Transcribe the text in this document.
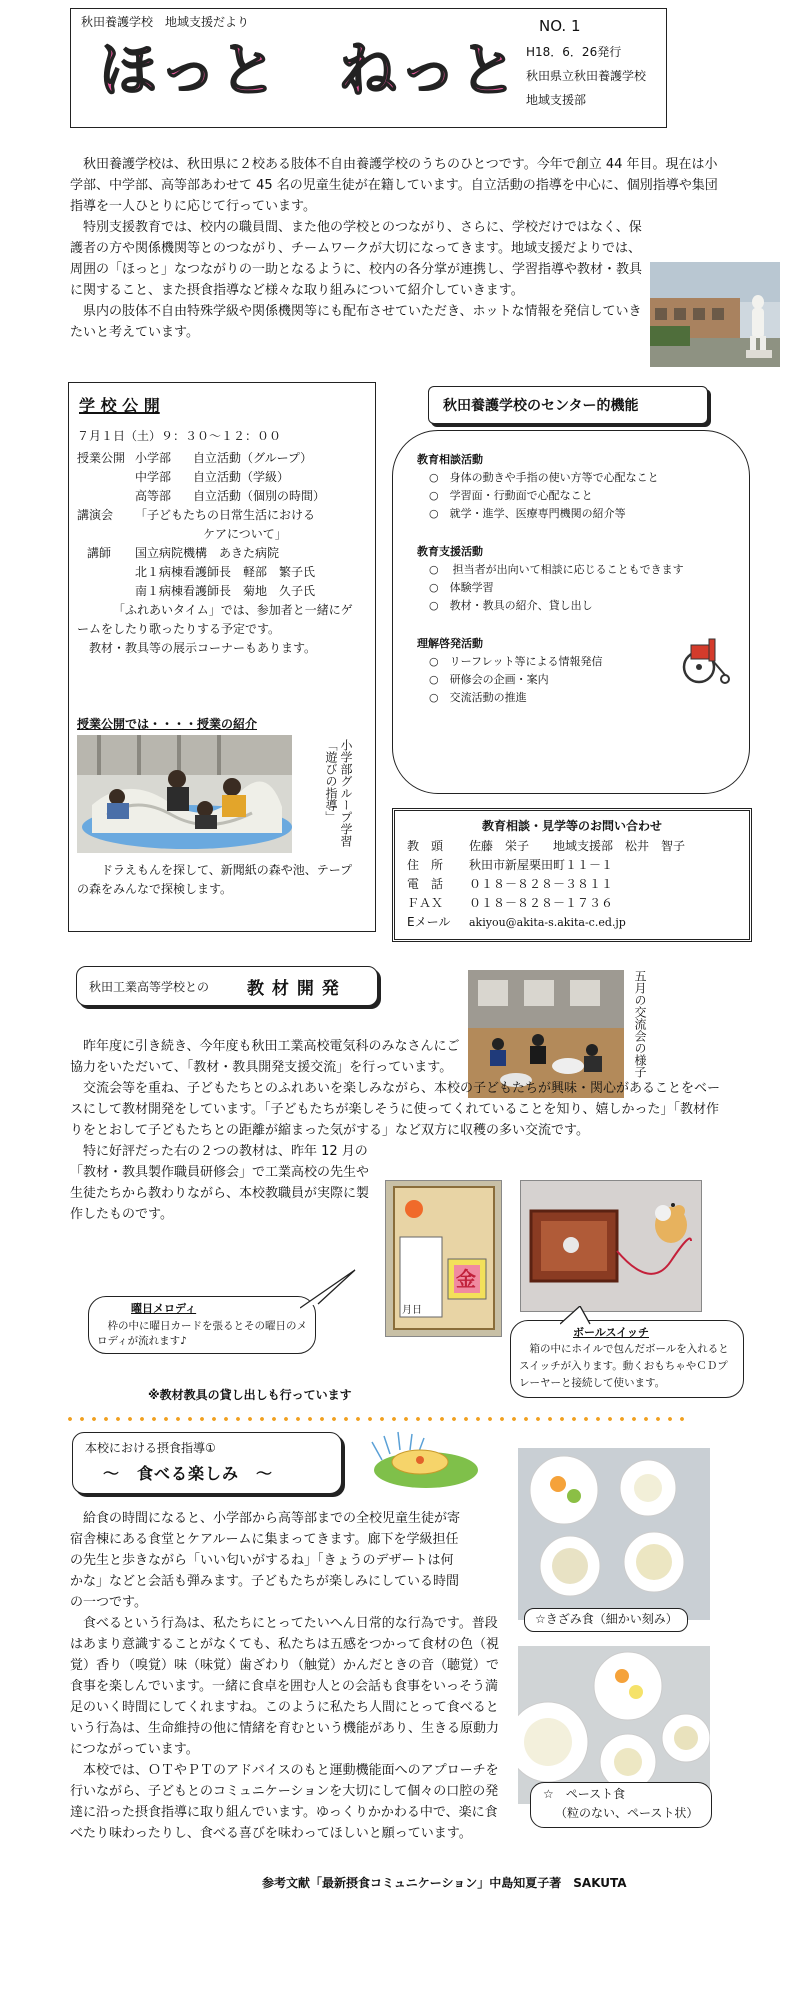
秋田養護学校　地域支援だより
ほっと　ねっと
NO. 1
H18．6．26発行
秋田県立秋田養護学校
地域支援部

秋田養護学校は、秋田県に２校ある肢体不自由養護学校のうちのひとつです。今年で創立 44 年目。現在は小学部、中学部、高等部あわせて 45 名の児童生徒が在籍しています。自立活動の指導を中心に、個別指導や集団指導を一人ひとりに応じて行っています。

特別支援教育では、校内の職員間、また他の学校とのつながり、さらに、学校だけではなく、保護者の方や関係機関等とのつながり、チームワークが大切になってきます。地域支援だよりでは、周囲の「ほっと」なつながりの一助となるように、校内の各分掌が連携し、学習指導や教材・教具に関すること、また摂食指導など様々な取り組みについて紹介していきます。

県内の肢体不自由特殊学級や関係機関等にも配布させていただき、ホットな情報を発信していきたいと考えています。

学 校 公 開
７月１日（土）９：３０～１２：００
授業公開 小学部 自立活動（グループ）
中学部 自立活動（学級）
高等部 自立活動（個別の時間）
講演会 「子どもたちの日常生活における
ケアについて」
講師 国立病院機構　あきた病院
北１病棟看護師長　軽部　繁子氏
南１病棟看護師長　菊地　久子氏

「ふれあいタイム」では、参加者と一緒にゲームをしたり歌ったりする予定です。

教材・教具等の展示コーナーもあります。

授業公開では・・・・授業の紹介
小学部グループ学習「遊びの指導」
ドラえもんを探して、新聞紙の森や池、テープの森をみんなで探検します。
秋田養護学校のセンター的機能
教育相談活動
○　 身体の動きや手指の使い方等で心配なこと
○　 学習面・行動面で心配なこと
○　 就学・進学、医療専門機関の紹介等
教育支援活動
○ 担当者が出向いて相談に応じることもできます
○　 体験学習
○　 教材・教具の紹介、貸し出し
理解啓発活動
○　 リーフレット等による情報発信
○　 研修会の企画・案内
○　 交流活動の推進
教育相談・見学等のお問い合わせ
教　頭 佐藤　栄子　　地域支援部　松井　智子
住　所 秋田市新屋栗田町１１－１
電　話 ０１８－８２８－３８１１
ＦＡＸ ０１８－８２８－１７３６
Eメール akiyou@akita-s.akita-c.ed.jp
秋田工業高等学校との 教 材 開 発	五月の交流会の様子

昨年度に引き続き、今年度も秋田工業高校電気科のみなさんにご協力をいただいて、「教材・教具開発支援交流」を行っています。

交流会等を重ね、子どもたちとのふれあいを楽しみながら、本校の子どもたちが興味・関心があることをベースにして教材開発をしています。「子どもたちが楽しそうに使ってくれていることを知り、嬉しかった」「教材作りをとおして子どもたちとの距離が縮まった気がする」など双方に収穫の多い交流です。

特に好評だった右の２つの教材は、昨年 12 月の「教材・教具製作職員研修会」で工業高校の先生や生徒たちから教わりながら、本校教職員が実際に製作したものです。

月日
金
曜日メロディ
枠の中に曜日カードを張るとその曜日のメロディが流れます♪
ボールスイッチ
箱の中にホイルで包んだボールを入れるとスイッチが入ります。動くおもちゃやＣＤプレーヤーと接続して使います。
※教材教具の貸し出しも行っています
本校における摂食指導①
～　食べる楽しみ　～

給食の時間になると、小学部から高等部までの全校児童生徒が寄宿舎棟にある食堂とケアルームに集まってきます。廊下を学級担任の先生と歩きながら「いい匂いがするね」「きょうのデザートは何かな」などと会話も弾みます。子どもたちが楽しみにしている時間の一つです。

食べるという行為は、私たちにとってたいへん日常的な行為です。普段はあまり意識することがなくても、私たちは五感をつかって食材の色（視覚）香り（嗅覚）味（味覚）歯ざわり（触覚）かんだときの音（聴覚）で食事を楽しんでいます。一緒に食卓を囲む人との会話も食事をいっそう満足のいく時間にしてくれますね。このように私たち人間にとって食べるという行為は、生命維持の他に情緒を育むという機能があり、生きる原動力につながっています。

本校では、ＯＴやＰＴのアドバイスのもと運動機能面へのアプローチを行いながら、子どもとのコミュニケーションを大切にして個々の口腔の発達に沿った摂食指導に取り組んでいます。ゆっくりかかわる中で、楽に食べたり味わったりし、食べる喜びを味わってほしいと願っています。

☆きざみ食（細かい刻み）
☆　ペースト食
（粒のない、ペースト状）
参考文献「最新摂食コミュニケーション」中島知夏子著　SAKUTA
